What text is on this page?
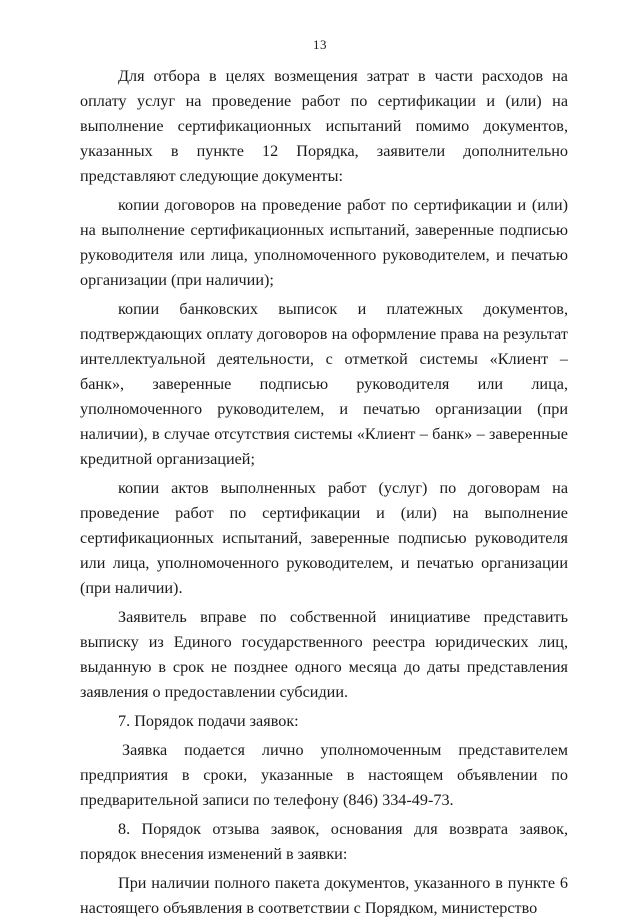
13

Для отбора в целях возмещения затрат в части расходов на оплату услуг на проведение работ по сертификации и (или) на выполнение сертификационных испытаний помимо документов, указанных в пункте 12 Порядка, заявители дополнительно представляют следующие документы:

копии договоров на проведение работ по сертификации и (или) на выполнение сертификационных испытаний, заверенные подписью руководителя или лица, уполномоченного руководителем, и печатью организации (при наличии);

копии банковских выписок и платежных документов, подтверждающих оплату договоров на оформление права на результат интеллектуальной деятельности, с отметкой системы «Клиент – банк», заверенные подписью руководителя или лица, уполномоченного руководителем, и печатью организации (при наличии), в случае отсутствия системы «Клиент – банк» – заверенные кредитной организацией;

копии актов выполненных работ (услуг) по договорам на проведение работ по сертификации и (или) на выполнение сертификационных испытаний, заверенные подписью руководителя или лица, уполномоченного руководителем, и печатью организации (при наличии).

Заявитель вправе по собственной инициативе представить выписку из Единого государственного реестра юридических лиц, выданную в срок не позднее одного месяца до даты представления заявления о предоставлении субсидии.

7. Порядок подачи заявок:

Заявка подается лично уполномоченным представителем предприятия в сроки, указанные в настоящем объявлении по предварительной записи по телефону (846) 334-49-73.

8. Порядок отзыва заявок, основания для возврата заявок, порядок внесения изменений в заявки:

При наличии полного пакета документов, указанного в пункте 6 настоящего объявления в соответствии с Порядком, министерство
